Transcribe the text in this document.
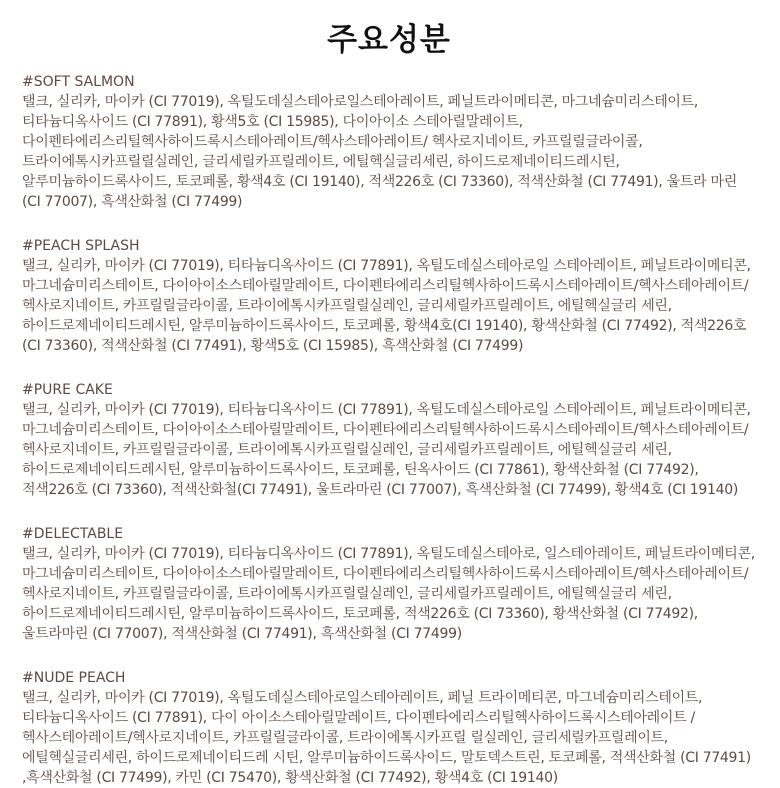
주요성분

#SOFT SALMON

탤크, 실리카, 마이카 (CI 77019), 옥틸도데실스테아로일스테아레이트, 페닐트라이메티콘, 마그네슘미리스테이트, 티타늄디옥사이드 (CI 77891), 황색5호 (CI 15985), 다이아이소 스테아릴말레이트, 다이펜타에리스리틸헥사하이드록시스테아레이트/헥사스테아레이트/ 헥사로지네이트, 카프릴릴글라이콜, 트라이에톡시카프릴릴실레인, 글리세릴카프릴레이트, 에틸헥실글리세린, 하이드로제네이티드레시틴, 알루미늄하이드록사이드, 토코페롤, 황색4호 (CI 19140), 적색226호 (CI 73360), 적색산화철 (CI 77491), 울트라 마린 (CI 77007), 흑색산화철 (CI 77499)

#PEACH SPLASH

탤크, 실리카, 마이카 (CI 77019), 티타늄디옥사이드 (CI 77891), 옥틸도데실스테아로일 스테아레이트, 페닐트라이메티콘, 마그네슘미리스테이트, 다이아이소스테아릴말레이트, 다이펜타에리스리틸헥사하이드록시스테아레이트/헥사스테아레이트/헥사로지네이트, 카프릴릴글라이콜, 트라이에톡시카프릴릴실레인, 글리세릴카프릴레이트, 에틸헥실글리 세린, 하이드로제네이티드레시틴, 알루미늄하이드록사이드, 토코페롤, 황색4호(CI 19140), 황색산화철 (CI 77492), 적색226호 (CI 73360), 적색산화철 (CI 77491), 황색5호 (CI 15985), 흑색산화철 (CI 77499)

#PURE CAKE

탤크, 실리카, 마이카 (CI 77019), 티타늄디옥사이드 (CI 77891), 옥틸도데실스테아로일 스테아레이트, 페닐트라이메티콘, 마그네슘미리스테이트, 다이아이소스테아릴말레이트, 다이펜타에리스리틸헥사하이드록시스테아레이트/헥사스테아레이트/헥사로지네이트, 카프릴릴글라이콜, 트라이에톡시카프릴릴실레인, 글리세릴카프릴레이트, 에틸헥실글리 세린, 하이드로제네이티드레시틴, 알루미늄하이드록사이드, 토코페롤, 틴옥사이드 (CI 77861), 황색산화철 (CI 77492), 적색226호 (CI 73360), 적색산화철(CI 77491), 울트라마린 (CI 77007), 흑색산화철 (CI 77499), 황색4호 (CI 19140)

#DELECTABLE

탤크, 실리카, 마이카 (CI 77019), 티타늄디옥사이드 (CI 77891), 옥틸도데실스테아로, 일스테아레이트, 페닐트라이메티콘, 마그네슘미리스테이트, 다이아이소스테아릴말레이트, 다이펜타에리스리틸헥사하이드록시스테아레이트/헥사스테아레이트/헥사로지네이트, 카프릴릴글라이콜, 트라이에톡시카프릴릴실레인, 글리세릴카프릴레이트, 에틸헥실글리 세린, 하이드로제네이티드레시틴, 알루미늄하이드록사이드, 토코페롤, 적색226호 (CI 73360), 황색산화철 (CI 77492), 울트라마린 (CI 77007), 적색산화철 (CI 77491), 흑색산화철 (CI 77499)

#NUDE PEACH

탤크, 실리카, 마이카 (CI 77019), 옥틸도데실스테아로일스테아레이트, 페닐 트라이메티콘, 마그네슘미리스테이트, 티타늄디옥사이드 (CI 77891), 다이 아이소스테아릴말레이트, 다이펜타에리스리틸헥사하이드록시스테아레이트 /헥사스테아레이트/헥사로지네이트, 카프릴릴글라이콜, 트라이에톡시카프릴 릴실레인, 글리세릴카프릴레이트, 에틸헥실글리세린, 하이드로제네이티드레 시틴, 알루미늄하이드록사이드, 말토덱스트린, 토코페롤, 적색산화철 (CI 77491) ,흑색산화철 (CI 77499), 카민 (CI 75470), 황색산화철 (CI 77492), 황색4호 (CI 19140)
